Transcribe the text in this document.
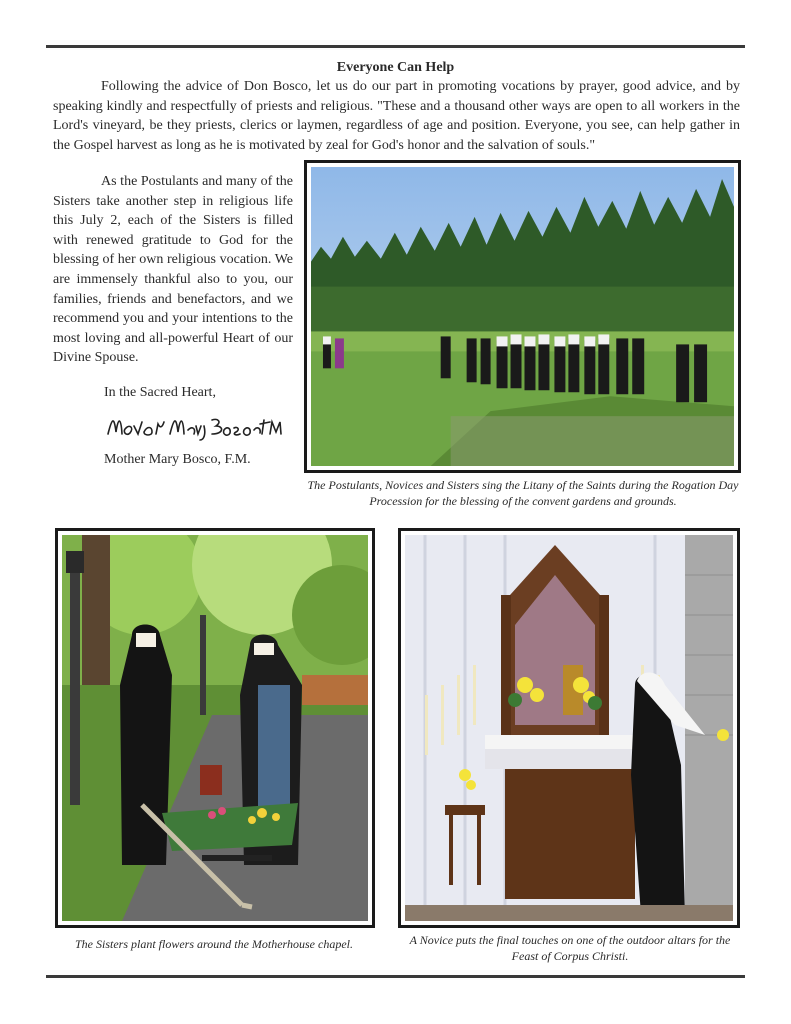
Everyone Can Help

Following the advice of Don Bosco, let us do our part in promoting vocations by prayer, good advice, and by speaking kindly and respectfully of priests and religious. "These and a thousand other ways are open to all workers in the Lord's vineyard, be they priests, clerics or laymen, regardless of age and position. Everyone, you see, can help gather in the Gospel harvest as long as he is motivated by zeal for God's honor and the salvation of souls."

As the Postulants and many of the Sisters take another step in religious life this July 2, each of the Sisters is filled with renewed gratitude to God for the blessing of her own religious vocation. We are immensely thankful also to you, our families, friends and benefactors, and we recommend you and your intentions to the most loving and all-powerful Heart of our Divine Spouse.

In the Sacred Heart,
Mother Mary Bosco, F.M.
The Postulants, Novices and Sisters sing the Litany of the Saints during the Rogation Day Procession for the blessing of the convent gardens and grounds.
The Sisters plant flowers around the Motherhouse chapel.	A Novice puts the final touches on one of the outdoor altars for the Feast of Corpus Christi.
